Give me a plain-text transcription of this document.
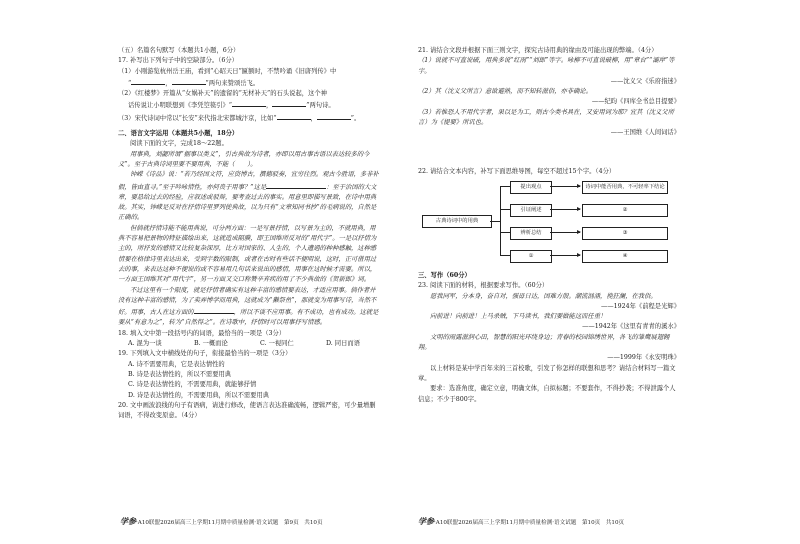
（五）名篇名句默写（本题共1小题，6分）
17. 补写出下列句子中的空缺部分。（6分）
（1）小刚游览杭州岳王庙，看到“心昭天日”匾额时，不禁吟诵《旧唐列传》中
“	，	”两句来赞颂岳飞。
（2）《红楼梦》开篇从“女娲补天”的遗留的“无材补天”的石头说起，这个神
话传说让小明联想到《李凭箜篌引》“	，	”两句诗。
（3）宋代诗词中常以“长安”来代指北宋都城汴京，比如“	，	”。
二、语言文字运用（本题共5小题，18分）
阅读下面的文字，完成18～22题。
用事典，刘勰所谓“据事以类义”，引古典故为诗者，亦即以用古事古语以表达较多的今义”。至于古典诗词里要不要用典，不能（　　）。
钟嵘《诗品》说：“若乃经国文符，应资博古，撰德驳奏，宜穷往烈。观古今胜语，多非补假，皆由直寻。”至于吟咏情性，亦何贵于用事？”这是	：至于治国的大文章，要恳给过去的经验，应叙述或驳辩，要考查过去的事实。用意里即描写景致，在诗中用典故。其实，钟嵘是反对在抒情诗里罗列使典故，以为只有“文章知同书抄”的毛病说的，自然是正确的。
但倘就抒情诗能不能用典说，可分两方面：一是写景抒情，以写景为主的，不就用典，用典不容易把景物的特征描绘出来，这就造成隔膜，即王国维所反对的“用代字”。一是以抒情为主的，所抒发的感情又比较复杂深厚，比方对国家的、人生的，个人遭遇的种种感触，这种感情要在格律诗里表达出来，受到字数的限制，或者在古时有些话不便明说，这时，正可借用过去的事，来表达这种不便说的或不容易用几句话来说出的感情，用事在这时候才需要。所以，一方面王国维其对“用代字”，另一方面又交口称赞辛弃疾的用了不少典故的《贺新郎》词。
不过这里有一个限度，就是抒情者确实有这种丰富的感情要表达，才适应用事。倘作者并没有这种丰富的感情，为了卖弄博学而用典，这就成为“獭祭鱼”，那就变为用事写诗，当然不好。用事，古人在这方面的	，所以不谈不应用事。有不成功，也有成功。这就是要从“有意为之”，转为“自然得之”。在诗歌中，抒情时可以用事抒写情感。
18. 填入文中第一段括号内的词语，最恰当的一项是（3分）
A. 混为一谈	B. 一概而论	C. 一视同仁	D. 同日而语
19. 下列填入文中横线处的句子，衔接最恰当的一项是（3分）
A. 诗不需要用典，它是表达情性的
B. 诗是表达情性的，所以不需要用典
C. 诗是表达情性的，不需要用典，就能够抒情
D. 诗是表达情性的，不需要用典，所以不需要用典
20. 文中画波浪线的句子有语病，请进行修改，使语言表达准确流畅，逻辑严密，可少量增删词语，不得改变原意。（4分）
学参·A10联盟2026届高三上学期11月期中质量检测·语文试题　第9页　共10页
21. 请结合文段并根据下面三则文字，探究古诗用典的缘由及可能出现的弊端。（4分）
（1）说就不可直说破，用典多说“红雨”“刘郎”等字。咏柳不可直说破柳，用“章台”“灞岸”等字。
——沈义父《乐府指迷》
（2）其（沈义父所言）意欲避熟，而不知转滋俗，亦非确论。
——纪昀《四库全书总目提要》
（3）若惟恐人不用代字者，果以是为工，则古今类书具在，又安用词为耶？宜其（沈义父所言）为《提要》所讥也。
——王国维《人间词话》
22. 请结合文本内容，补写下面思维导图，每空不超过15个字。（4分）
古典诗词中的用典
提出观点	诗词中能否用典，不可轻率下结论
引证阐述	②
辨析总结	③
①	④
三、写作（60分）
23. 阅读下面的材料，根据要求写作。（60分）
愿我同军，分本身，奋自对，强毋日达，国难方殷。潮流汹涌，挽狂澜，在我俗。
——1924年《前程是光辉》
向前进！向前进！上马杀贼，下马读书，我们要做能这而任重！
——1942年《这里有青青的溪水》
文明的雨露滋润心田，智慧的阳光环绕身边；青春的校园锦绣世界，各飞的雏鹰展翅翱翔。
——1999年《永安明珠》
以上材料是某中学百年来的三首校歌，引发了你怎样的联想和思考？请结合材料写一篇文章。
要求：选准角度，确定立意，明确文体，自拟标题；不要套作，不得抄袭；不得泄露个人信息；不少于800字。
学参·A10联盟2026届高三上学期11月期中质量检测·语文试题　第10页　共10页
